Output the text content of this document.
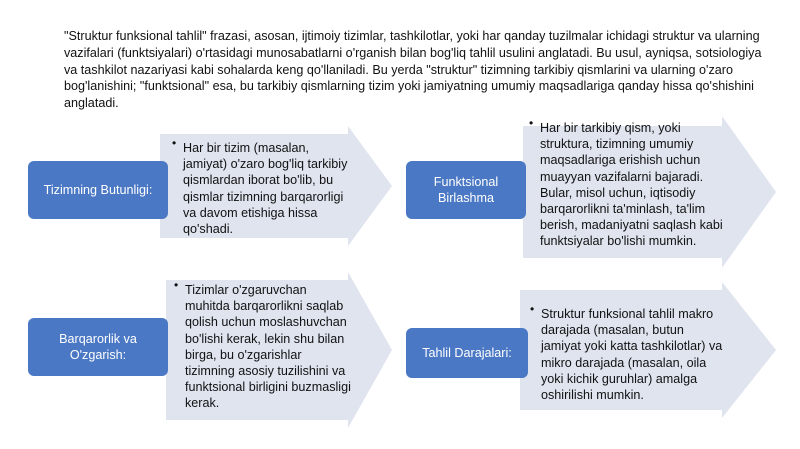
"Struktur funksional tahlil" frazasi, asosan, ijtimoiy tizimlar, tashkilotlar, yoki har qanday tuzilmalar ichidagi struktur va ularning vazifalari (funktsiyalari) o'rtasidagi munosabatlarni o'rganish bilan bog'liq tahlil usulini anglatadi. Bu usul, ayniqsa, sotsiologiya va tashkilot nazariyasi kabi sohalarda keng qo'llaniladi. Bu yerda "struktur" tizimning tarkibiy qismlarini va ularning o'zaro bog'lanishini; "funktsional" esa, bu tarkibiy qismlarning tizim yoki jamiyatning umumiy maqsadlariga qanday hissa qo'shishini anglatadi.

Tizimning Butunligi:
• Har bir tizim (masalan, jamiyat) o'zaro bog'liq tarkibiy qismlardan iborat bo'lib, bu qismlar tizimning barqarorligi va davom etishiga hissa qo'shadi.
Funktsional Birlashma
• Har bir tarkibiy qism, yoki struktura, tizimning umumiy maqsadlariga erishish uchun muayyan vazifalarni bajaradi. Bular, misol uchun, iqtisodiy barqarorlikni ta'minlash, ta'lim berish, madaniyatni saqlash kabi funktsiyalar bo'lishi mumkin.
Barqarorlik va O'zgarish:
• Tizimlar o'zgaruvchan muhitda barqarorlikni saqlab qolish uchun moslashuvchan bo'lishi kerak, lekin shu bilan birga, bu o'zgarishlar tizimning asosiy tuzilishini va funktsional birligini buzmasligi kerak.
Tahlil Darajalari:
• Struktur funksional tahlil makro darajada (masalan, butun jamiyat yoki katta tashkilotlar) va mikro darajada (masalan, oila yoki kichik guruhlar) amalga oshirilishi mumkin.
